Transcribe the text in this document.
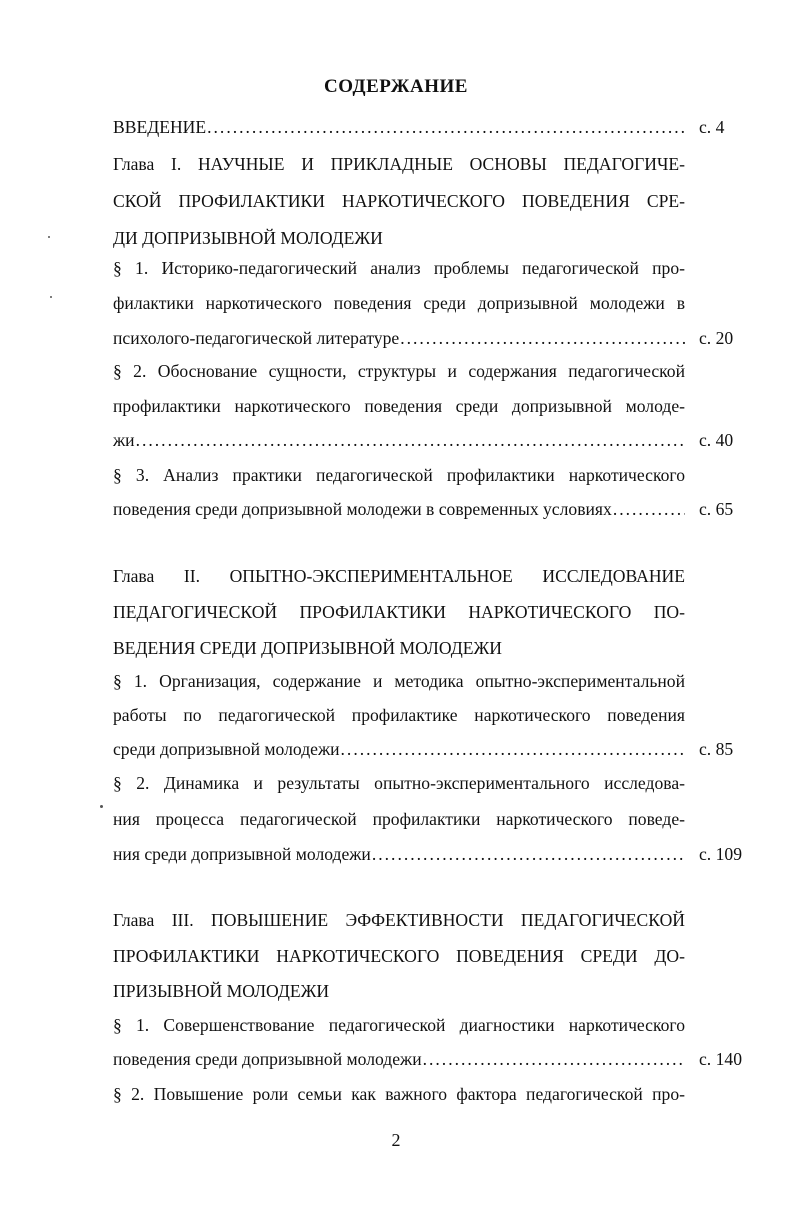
СОДЕРЖАНИЕ
ВВЕДЕНИЕ .....	с. 4
Глава I. НАУЧНЫЕ И ПРИКЛАДНЫЕ ОСНОВЫ ПЕДАГОГИЧЕ-
СКОЙ ПРОФИЛАКТИКИ НАРКОТИЧЕСКОГО ПОВЕДЕНИЯ СРЕ-
ДИ ДОПРИЗЫВНОЙ МОЛОДЕЖИ
§ 1. Историко-педагогический анализ проблемы педагогической про-
филактики наркотического поведения среди допризывной молодежи в
психолого-педагогической литературе .....	с. 20
§ 2. Обоснование сущности, структуры и содержания педагогической
профилактики наркотического поведения среди допризывной молоде-
жи .....	с. 40
§ 3. Анализ практики педагогической профилактики наркотического
поведения среди допризывной молодежи в современных условиях .....	с. 65
Глава II. ОПЫТНО-ЭКСПЕРИМЕНТАЛЬНОЕ ИССЛЕДОВАНИЕ
ПЕДАГОГИЧЕСКОЙ ПРОФИЛАКТИКИ НАРКОТИЧЕСКОГО ПО-
ВЕДЕНИЯ СРЕДИ ДОПРИЗЫВНОЙ МОЛОДЕЖИ
§ 1. Организация, содержание и методика опытно-экспериментальной
работы по педагогической профилактике наркотического поведения
среди допризывной молодежи .....	с. 85
§ 2. Динамика и результаты опытно-экспериментального исследова-
ния процесса педагогической профилактики наркотического поведе-
ния среди допризывной молодежи .....	с. 109
Глава III. ПОВЫШЕНИЕ ЭФФЕКТИВНОСТИ ПЕДАГОГИЧЕСКОЙ
ПРОФИЛАКТИКИ НАРКОТИЧЕСКОГО ПОВЕДЕНИЯ СРЕДИ ДО-
ПРИЗЫВНОЙ МОЛОДЕЖИ
§ 1. Совершенствование педагогической диагностики наркотического
поведения среди допризывной молодежи .....	с. 140
§ 2. Повышение роли семьи как важного фактора педагогической про-
2
